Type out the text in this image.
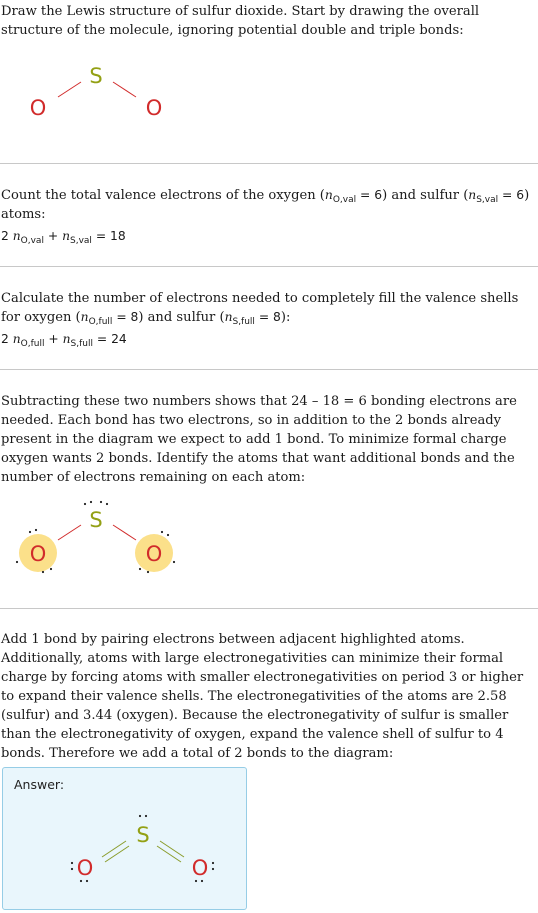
Draw the Lewis structure of sulfur dioxide. Start by drawing the overall structure of the molecule, ignoring potential double and triple bonds:

S
O	O

Count the total valence electrons of the oxygen $(n_{O,val} = 6)$ and sulfur $(n_{S,val} = 6)$ atoms:

2 $n_{O,val} + n_{S,val} = 18$

Calculate the number of electrons needed to completely fill the valence shells for oxygen $(n_{O,full} = 8)$ and sulfur $(n_{S,full} = 8)$:

2 $n_{O,full} + n_{S,full} = 24$

Subtracting these two numbers shows that 24 – 18 = 6 bonding electrons are needed. Each bond has two electrons, so in addition to the 2 bonds already present in the diagram we expect to add 1 bond. To minimize formal charge oxygen wants 2 bonds. Identify the atoms that want additional bonds and the number of electrons remaining on each atom:

S
O	O

Add 1 bond by pairing electrons between adjacent highlighted atoms. Additionally, atoms with large electronegativities can minimize their formal charge by forcing atoms with smaller electronegativities on period 3 or higher to expand their valence shells. The electronegativities of the atoms are 2.58 (sulfur) and 3.44 (oxygen). Because the electronegativity of sulfur is smaller than the electronegativity of oxygen, expand the valence shell of sulfur to 4 bonds. Therefore we add a total of 2 bonds to the diagram:

Answer:
S
O	O
